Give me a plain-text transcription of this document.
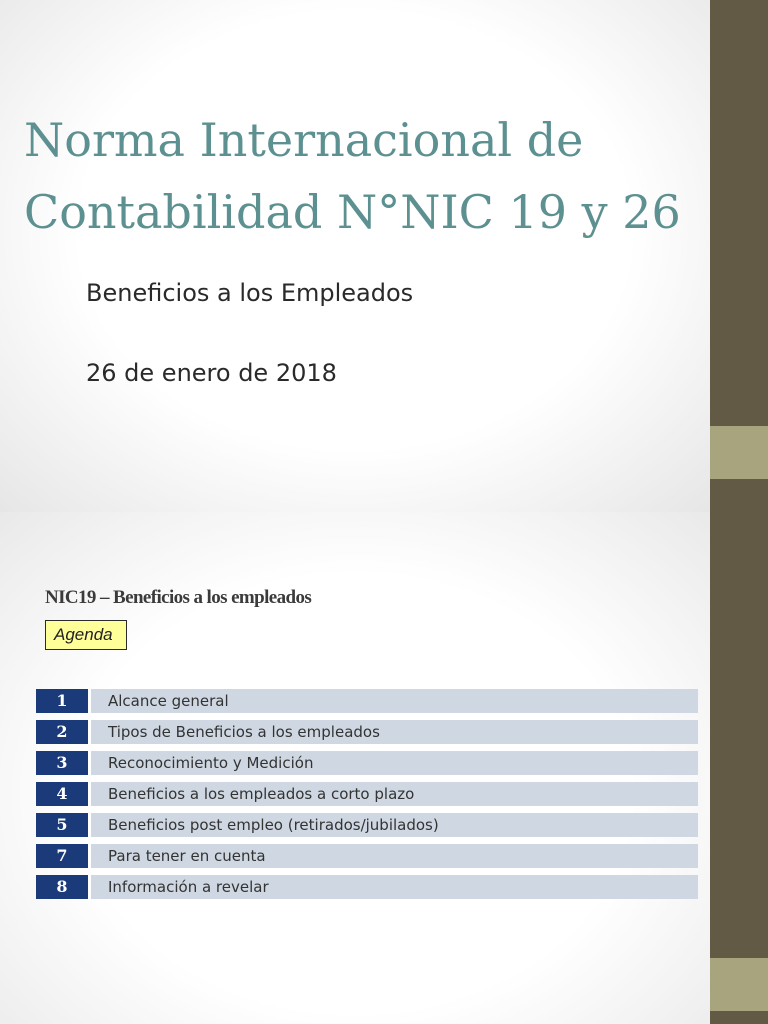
Norma Internacional de
Contabilidad N°NIC 19 y 26

Beneficios a los Empleados

26 de enero de 2018

NIC19 – Beneficios a los empleados
Agenda
1	Alcance general
2	Tipos de Beneficios a los empleados
3	Reconocimiento y Medición
4	Beneficios a los empleados a corto plazo
5	Beneficios post empleo (retirados/jubilados)
7	Para tener en cuenta
8	Información a revelar
